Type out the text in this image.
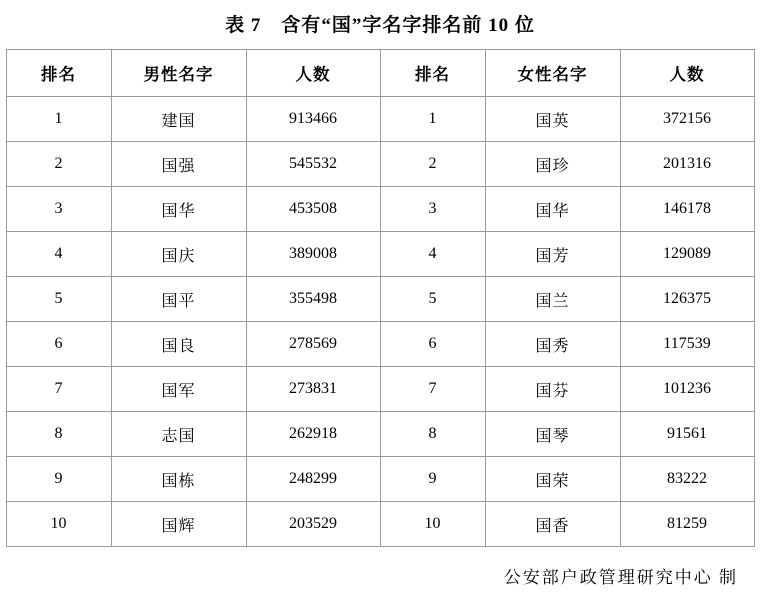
表 7　含有“国”字名字排名前 10 位
排名	男性名字	人数	排名	女性名字	人数
1	建国	913466	1	国英	372156
2	国强	545532	2	国珍	201316
3	国华	453508	3	国华	146178
4	国庆	389008	4	国芳	129089
5	国平	355498	5	国兰	126375
6	国良	278569	6	国秀	117539
7	国军	273831	7	国芬	101236
8	志国	262918	8	国琴	91561
9	国栋	248299	9	国荣	83222
10	国辉	203529	10	国香	81259
公安部户政管理研究中心 制
